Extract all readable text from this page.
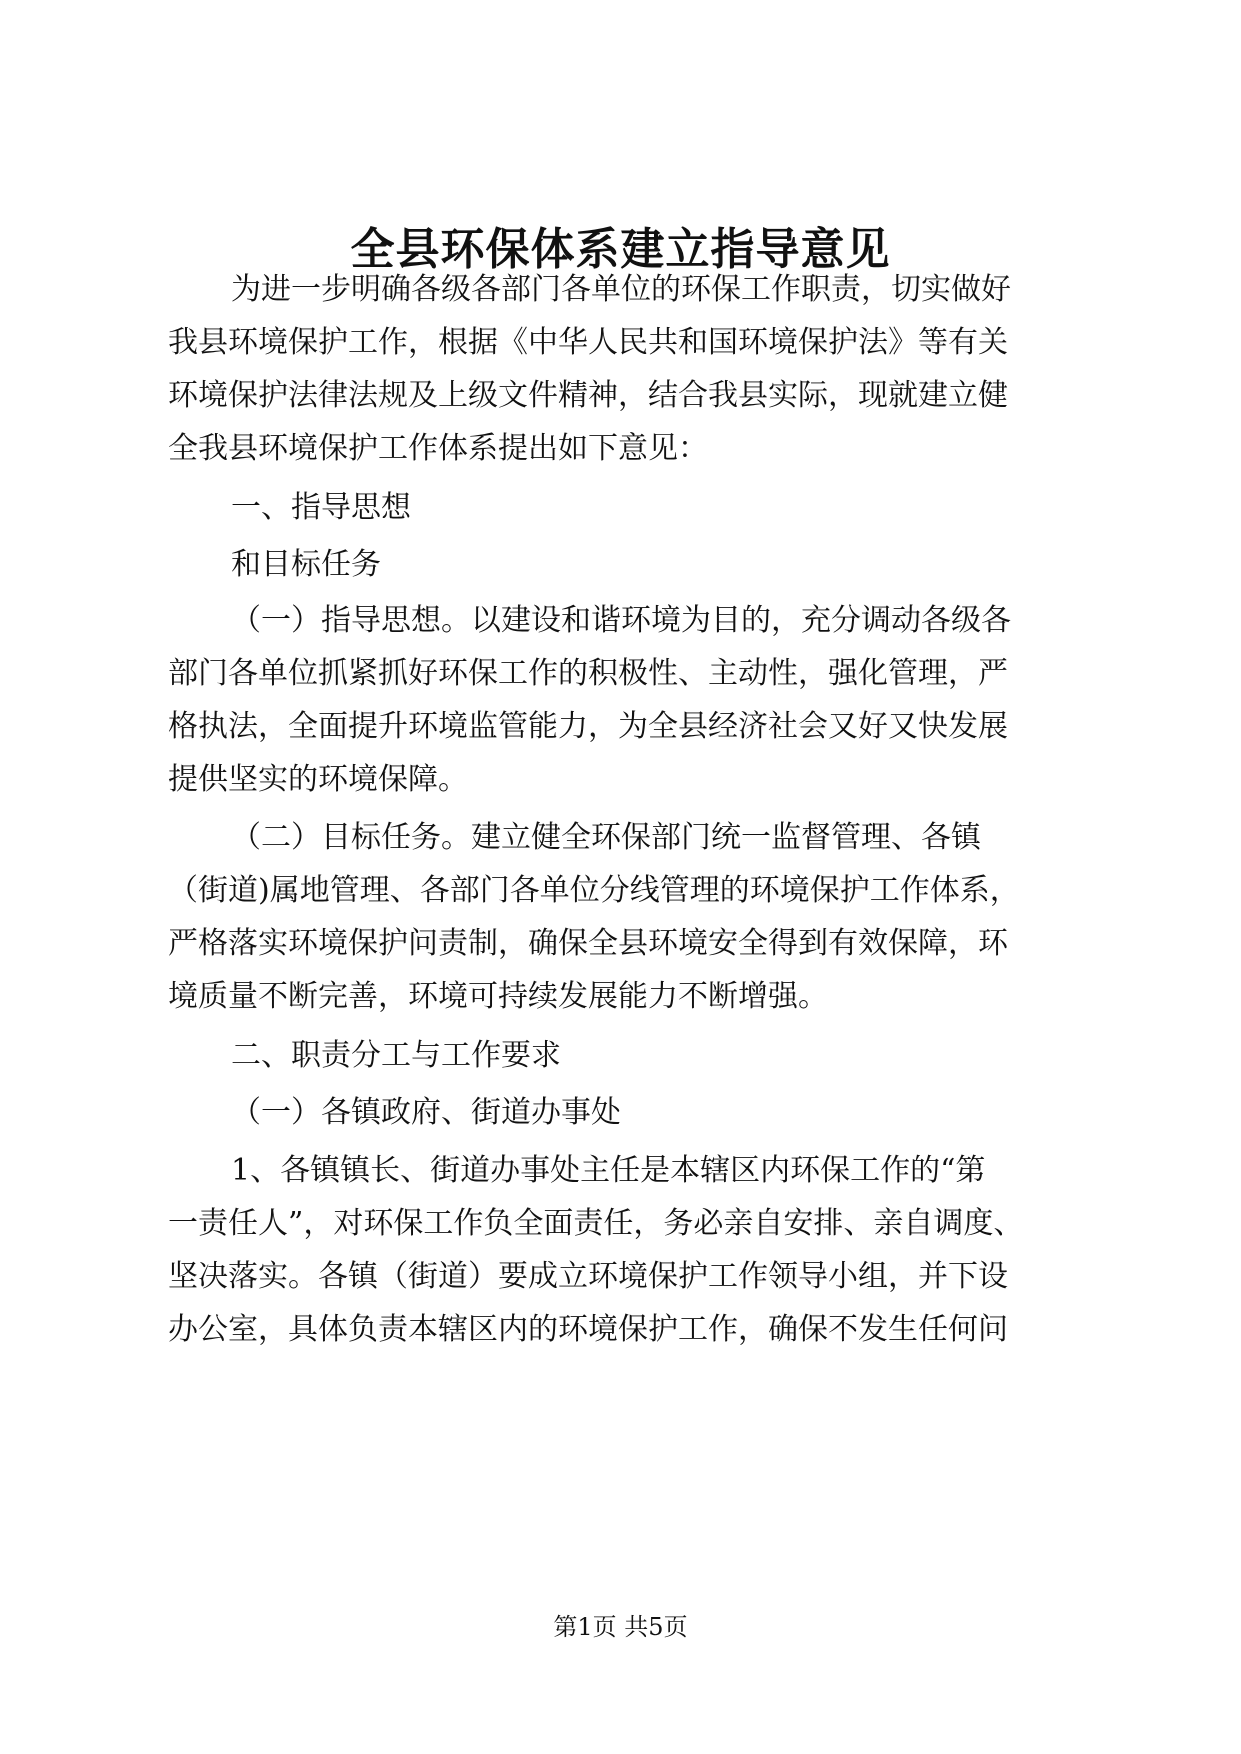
全县环保体系建立指导意见
为进一步明确各级各部门各单位的环保工作职责，切实做好
我县环境保护工作，根据《中华人民共和国环境保护法》等有关
环境保护法律法规及上级文件精神，结合我县实际，现就建立健
全我县环境保护工作体系提出如下意见：
一、指导思想
和目标任务
（一）指导思想。以建设和谐环境为目的，充分调动各级各
部门各单位抓紧抓好环保工作的积极性、主动性，强化管理，严
格执法，全面提升环境监管能力，为全县经济社会又好又快发展
提供坚实的环境保障。
（二）目标任务。建立健全环保部门统一监督管理、各镇
（街道)属地管理、各部门各单位分线管理的环境保护工作体系，
严格落实环境保护问责制，确保全县环境安全得到有效保障，环
境质量不断完善，环境可持续发展能力不断增强。
二、职责分工与工作要求
（一）各镇政府、街道办事处
1、各镇镇长、街道办事处主任是本辖区内环保工作的“第
一责任人”，对环保工作负全面责任，务必亲自安排、亲自调度、
坚决落实。各镇（街道）要成立环境保护工作领导小组，并下设
办公室，具体负责本辖区内的环境保护工作，确保不发生任何问
第1页 共5页
